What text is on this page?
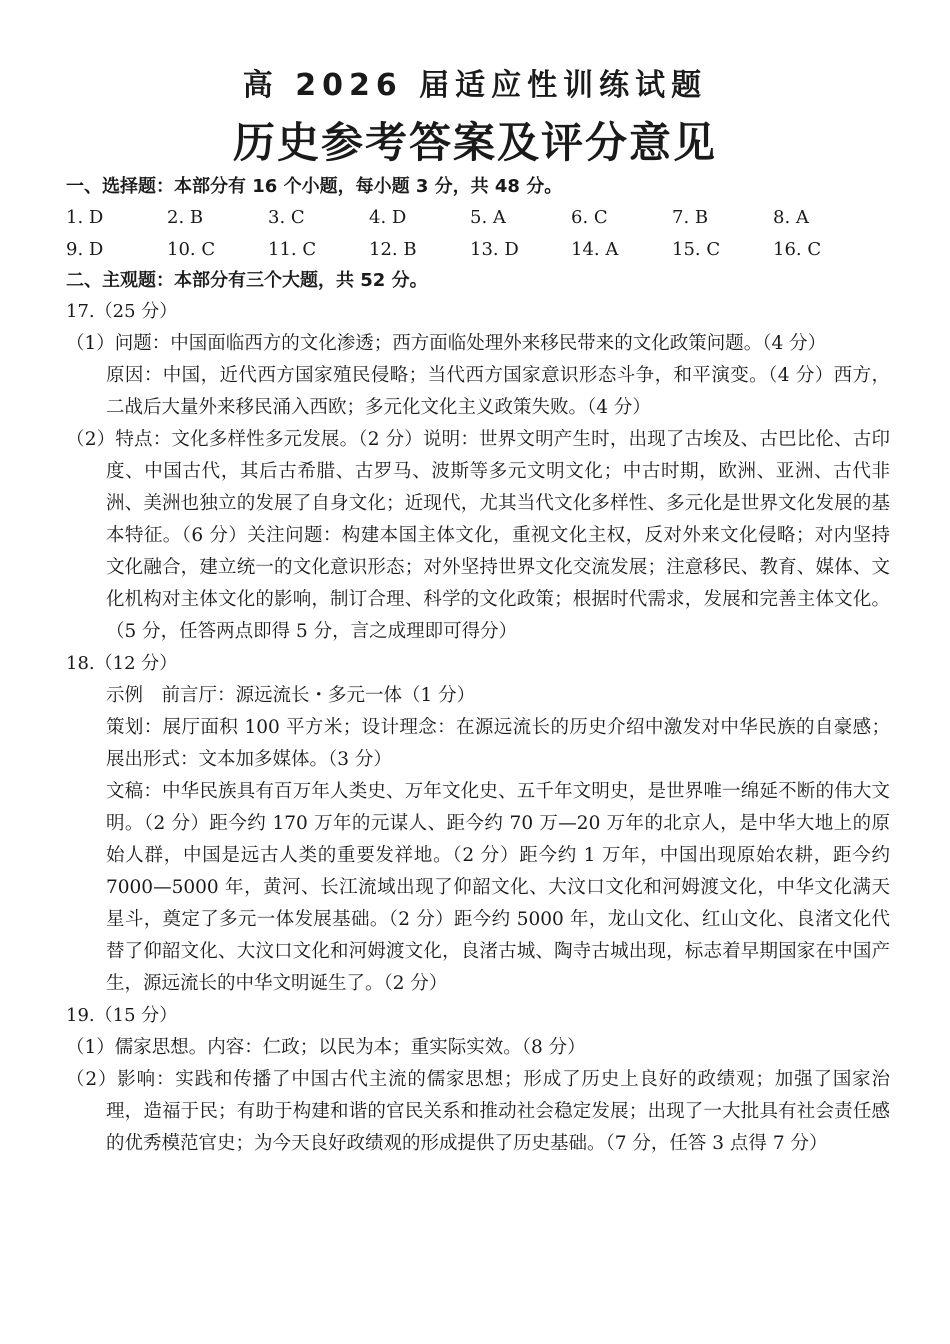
高 2026 届适应性训练试题
历史参考答案及评分意见
一、选择题：本部分有 16 个小题，每小题 3 分，共 48 分。
1. D	2. B	3. C	4. D	5. A	6. C	7. B	8. A
9. D	10. C	11. C	12. B	13. D	14. A	15. C	16. C
二、主观题：本部分有三个大题，共 52 分。
17.（25 分）
（1）问题：中国面临西方的文化渗透；西方面临处理外来移民带来的文化政策问题。（4 分）
原因：中国，近代西方国家殖民侵略；当代西方国家意识形态斗争，和平演变。（4 分）西方，二战后大量外来移民涌入西欧；多元化文化主义政策失败。（4 分）
（2）特点：文化多样性多元发展。（2 分）说明：世界文明产生时，出现了古埃及、古巴比伦、古印度、中国古代，其后古希腊、古罗马、波斯等多元文明文化；中古时期，欧洲、亚洲、古代非洲、美洲也独立的发展了自身文化；近现代，尤其当代文化多样性、多元化是世界文化发展的基本特征。（6 分）关注问题：构建本国主体文化，重视文化主权，反对外来文化侵略；对内坚持文化融合，建立统一的文化意识形态；对外坚持世界文化交流发展；注意移民、教育、媒体、文化机构对主体文化的影响，制订合理、科学的文化政策；根据时代需求，发展和完善主体文化。（5 分，任答两点即得 5 分，言之成理即可得分）
18.（12 分）
示例　前言厅：源远流长・多元一体（1 分）
策划：展厅面积 100 平方米；设计理念：在源远流长的历史介绍中激发对中华民族的自豪感；展出形式：文本加多媒体。（3 分）
文稿：中华民族具有百万年人类史、万年文化史、五千年文明史，是世界唯一绵延不断的伟大文明。（2 分）距今约 170 万年的元谋人、距今约 70 万—20 万年的北京人，是中华大地上的原始人群，中国是远古人类的重要发祥地。（2 分）距今约 1 万年，中国出现原始农耕，距今约 7000—5000 年，黄河、长江流域出现了仰韶文化、大汶口文化和河姆渡文化，中华文化满天星斗，奠定了多元一体发展基础。（2 分）距今约 5000 年，龙山文化、红山文化、良渚文化代替了仰韶文化、大汶口文化和河姆渡文化，良渚古城、陶寺古城出现，标志着早期国家在中国产生，源远流长的中华文明诞生了。（2 分）
19.（15 分）
（1）儒家思想。内容：仁政；以民为本；重实际实效。（8 分）
（2）影响：实践和传播了中国古代主流的儒家思想；形成了历史上良好的政绩观；加强了国家治理，造福于民；有助于构建和谐的官民关系和推动社会稳定发展；出现了一大批具有社会责任感的优秀模范官史；为今天良好政绩观的形成提供了历史基础。（7 分，任答 3 点得 7 分）
